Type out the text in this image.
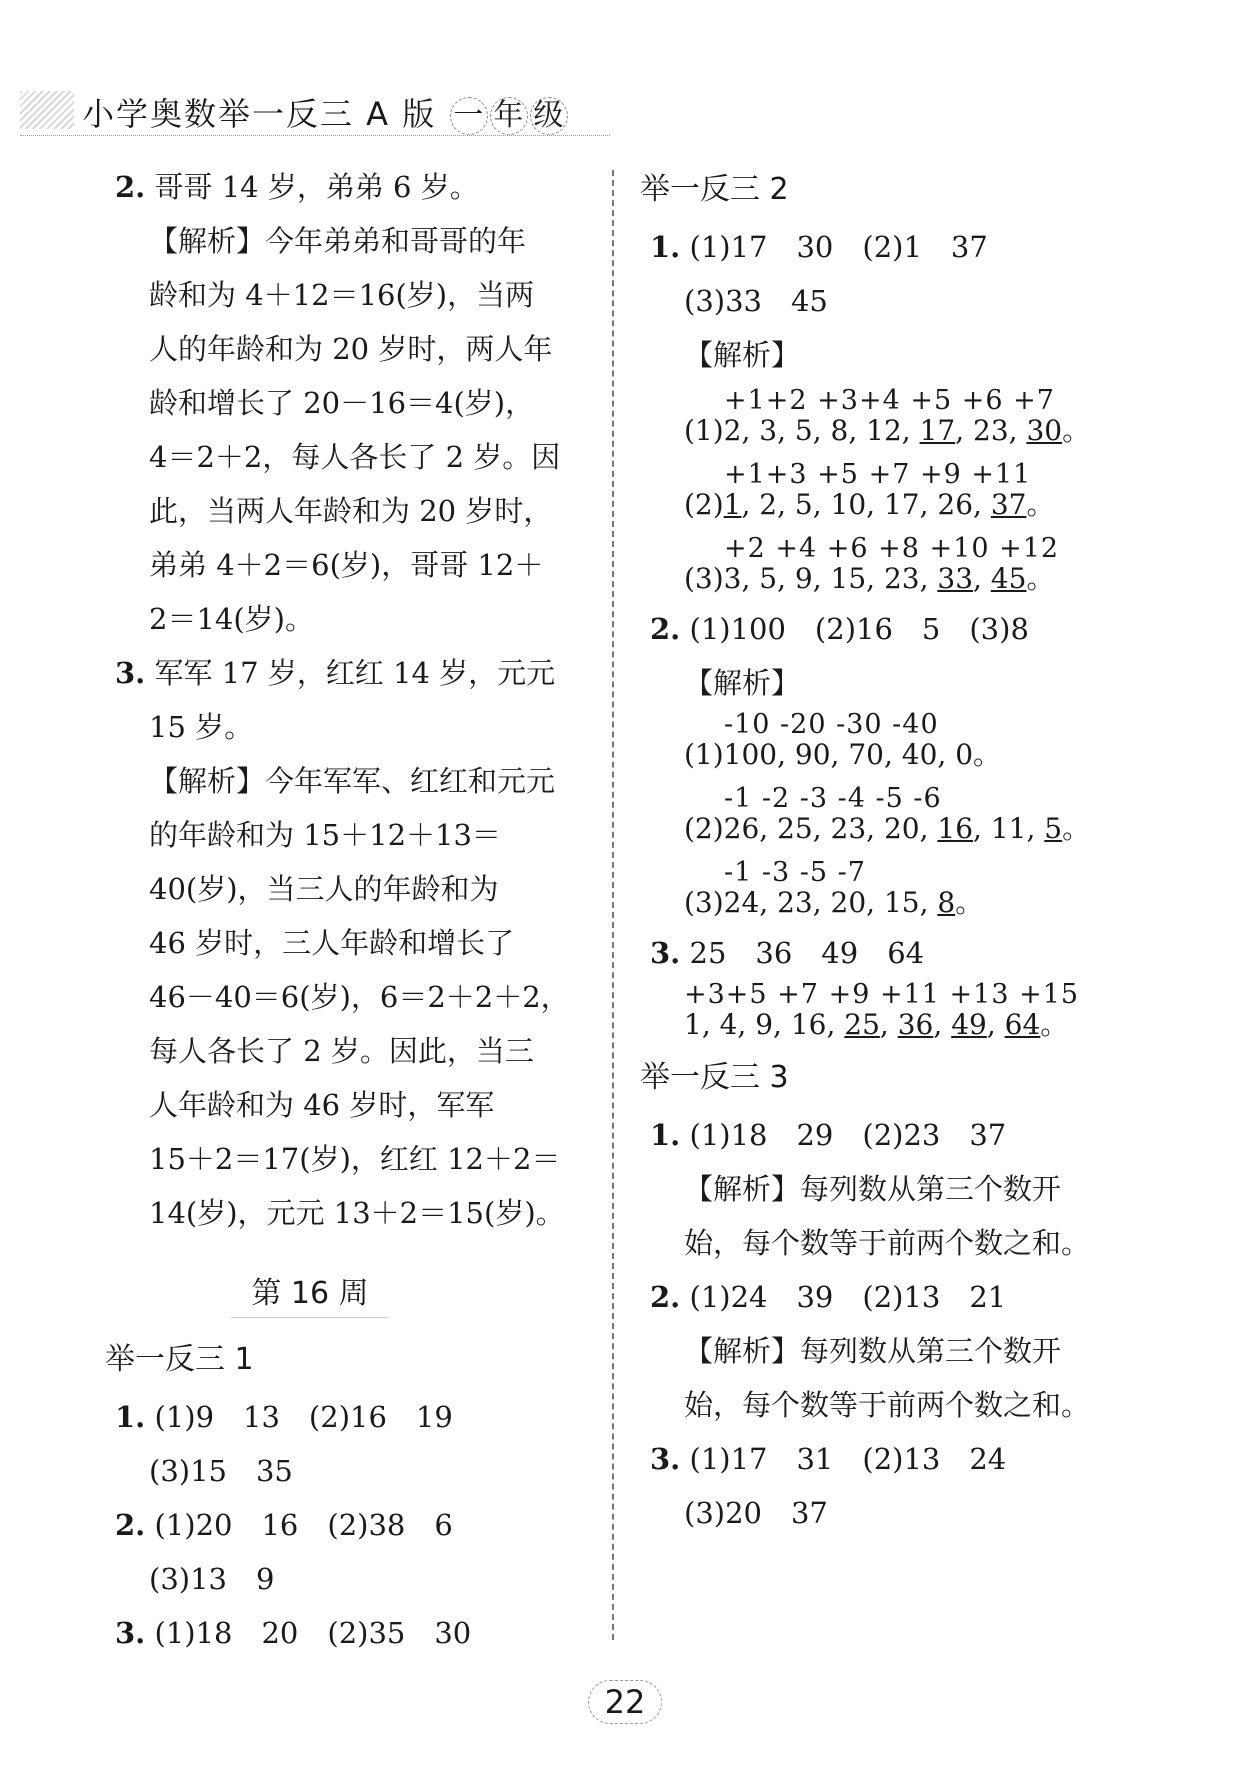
小学奥数举一反三 A 版 一 年 级
2. 哥哥 14 岁，弟弟 6 岁。
【解析】今年弟弟和哥哥的年
龄和为 4＋12＝16(岁)，当两
人的年龄和为 20 岁时，两人年
龄和增长了 20－16＝4(岁)，
4＝2＋2，每人各长了 2 岁。因
此，当两人年龄和为 20 岁时，
弟弟 4＋2＝6(岁)，哥哥 12＋
2＝14(岁)。
3. 军军 17 岁，红红 14 岁，元元
15 岁。
【解析】今年军军、红红和元元
的年龄和为 15＋12＋13＝
40(岁)，当三人的年龄和为
46 岁时，三人年龄和增长了
46－40＝6(岁)，6＝2＋2＋2，
每人各长了 2 岁。因此，当三
人年龄和为 46 岁时，军军
15＋2＝17(岁)，红红 12＋2＝
14(岁)，元元 13＋2＝15(岁)。
第 16 周
举一反三 1
1. (1)9　13　(2)16　19
(3)15　35
2. (1)20　16　(2)38　6
(3)13　9
3. (1)18　20　(2)35　30
举一反三 2
1. (1)17　30　(2)1　37
(3)33　45
【解析】
+1+2 +3+4 +5 +6 +7
(1)2, 3, 5, 8, 12, 17, 23, 30。
+1+3 +5 +7 +9 +11
(2)1, 2, 5, 10, 17, 26, 37。
+2 +4 +6 +8 +10 +12
(3)3, 5, 9, 15, 23, 33, 45。
2. (1)100　(2)16　5　(3)8
【解析】
-10 -20 -30 -40
(1)100, 90, 70, 40, 0。
-1 -2 -3 -4 -5 -6
(2)26, 25, 23, 20, 16, 11, 5。
-1 -3 -5 -7
(3)24, 23, 20, 15, 8。
3. 25　36　49　64
+3+5 +7 +9 +11 +13 +15
1, 4, 9, 16, 25, 36, 49, 64。
举一反三 3
1. (1)18　29　(2)23　37
【解析】每列数从第三个数开
始，每个数等于前两个数之和。
2. (1)24　39　(2)13　21
【解析】每列数从第三个数开
始，每个数等于前两个数之和。
3. (1)17　31　(2)13　24
(3)20　37
22
